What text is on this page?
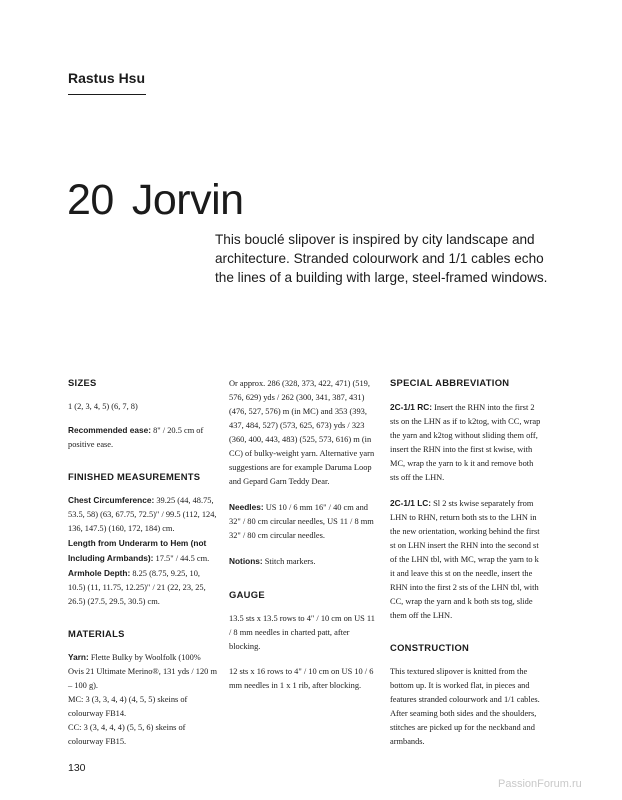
Rastus Hsu
20 Jorvin

This bouclé slipover is inspired by city landscape and architecture. Stranded colourwork and 1/1 cables echo the lines of a building with large, steel-framed windows.

SIZES

1 (2, 3, 4, 5) (6, 7, 8)

Recommended ease: 8" / 20.5 cm of positive ease.

FINISHED MEASUREMENTS

Chest Circumference: 39.25 (44, 48.75, 53.5, 58) (63, 67.75, 72.5)" / 99.5 (112, 124, 136, 147.5) (160, 172, 184) cm.

Length from Underarm to Hem (not Including Armbands): 17.5" / 44.5 cm.

Armhole Depth: 8.25 (8.75, 9.25, 10, 10.5) (11, 11.75, 12.25)" / 21 (22, 23, 25, 26.5) (27.5, 29.5, 30.5) cm.

MATERIALS

Yarn: Flette Bulky by Woolfolk (100% Ovis 21 Ultimate Merino®, 131 yds / 120 m – 100 g).

MC: 3 (3, 3, 4, 4) (4, 5, 5) skeins of colourway FB14.

CC: 3 (3, 4, 4, 4) (5, 5, 6) skeins of colourway FB15.

Or approx. 286 (328, 373, 422, 471) (519, 576, 629) yds / 262 (300, 341, 387, 431) (476, 527, 576) m (in MC) and 353 (393, 437, 484, 527) (573, 625, 673) yds / 323 (360, 400, 443, 483) (525, 573, 616) m (in CC) of bulky-weight yarn. Alternative yarn suggestions are for example Daruma Loop and Gepard Garn Teddy Dear.

Needles: US 10 / 6 mm 16" / 40 cm and 32" / 80 cm circular needles, US 11 / 8 mm 32" / 80 cm circular needles.

Notions: Stitch markers.

GAUGE

13.5 sts x 13.5 rows to 4" / 10 cm on US 11 / 8 mm needles in charted patt, after blocking.

12 sts x 16 rows to 4" / 10 cm on US 10 / 6 mm needles in 1 x 1 rib, after blocking.

SPECIAL ABBREVIATION

2C-1/1 RC: Insert the RHN into the first 2 sts on the LHN as if to k2tog, with CC, wrap the yarn and k2tog without sliding them off, insert the RHN into the first st kwise, with MC, wrap the yarn to k it and remove both sts off the LHN.

2C-1/1 LC: Sl 2 sts kwise separately from LHN to RHN, return both sts to the LHN in the new orientation, working behind the first st on LHN insert the RHN into the second st of the LHN tbl, with MC, wrap the yarn to k it and leave this st on the needle, insert the RHN into the first 2 sts of the LHN tbl, with CC, wrap the yarn and k both sts tog, slide them off the LHN.

CONSTRUCTION

This textured slipover is knitted from the bottom up. It is worked flat, in pieces and features stranded colourwork and 1/1 cables. After seaming both sides and the shoulders, stitches are picked up for the neckband and armbands.

130
PassionForum.ru
